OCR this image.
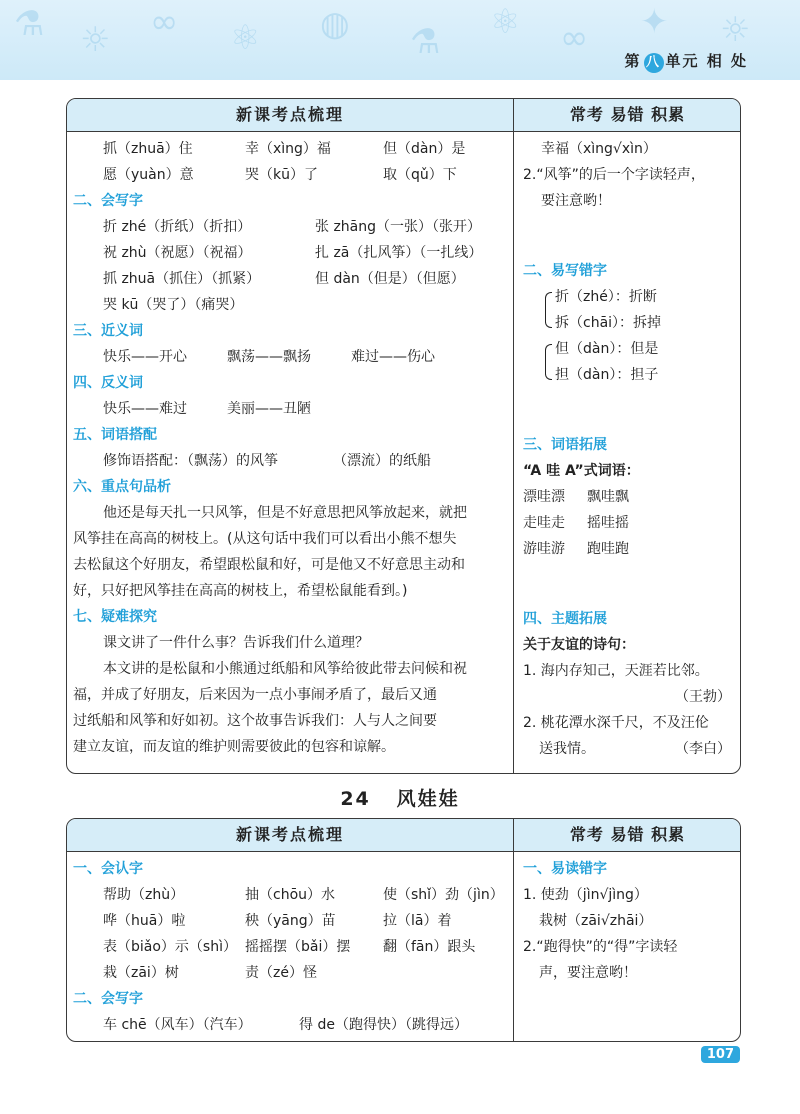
⚗ ☼ ∞ ⚛ ◍ ⚗ ⚛ ∞ ✦ ☼
第 八 单元 相 处
新课考点梳理	常考 易错 积累
抓（zhuā）住	幸（xìng）福	但（dàn）是
愿（yuàn）意	哭（kū）了	取（qǔ）下
二、会写字
折 zhé（折纸）（折扣）	张 zhāng（一张）（张开）
祝 zhù（祝愿）（祝福）	扎 zā（扎风筝）（一扎线）
抓 zhuā（抓住）（抓紧）	但 dàn（但是）（但愿）
哭 kū（哭了）（痛哭）
三、近义词
快乐——开心	飘荡——飘扬	难过——伤心
四、反义词
快乐——难过	美丽——丑陋
五、词语搭配
修饰语搭配：（飘荡）的风筝	（漂流）的纸船
六、重点句品析
他还是每天扎一只风筝，但是不好意思把风筝放起来，就把
风筝挂在高高的树枝上。(从这句话中我们可以看出小熊不想失
去松鼠这个好朋友，希望跟松鼠和好，可是他又不好意思主动和
好，只好把风筝挂在高高的树枝上，希望松鼠能看到。)
七、疑难探究
课文讲了一件什么事？告诉我们什么道理？
本文讲的是松鼠和小熊通过纸船和风筝给彼此带去问候和祝
福，并成了好朋友，后来因为一点小事闹矛盾了，最后又通
过纸船和风筝和好如初。这个故事告诉我们：人与人之间要
建立友谊，而友谊的维护则需要彼此的包容和谅解。
幸福（xìng√xìn）
2.“风筝”的后一个字读轻声，
要注意哟！
二、易写错字
折（zhé）：折断
拆（chāi）：拆掉
但（dàn）：但是
担（dàn）：担子
三、词语拓展
“A 哇 A”式词语：
漂哇漂 飘哇飘
走哇走 摇哇摇
游哇游 跑哇跑
四、主题拓展
关于友谊的诗句：
1. 海内存知己，天涯若比邻。
（王勃）
2. 桃花潭水深千尺，不及汪伦
送我情。	（李白）
24 风娃娃
新课考点梳理	常考 易错 积累
一、会认字
帮助（zhù）	抽（chōu）水	使（shǐ）劲（jìn）
哗（huā）啦	秧（yāng）苗	拉（lā）着
表（biǎo）示（shì） 摇摇摆（bǎi）摆 翻（fān）跟头
栽（zāi）树	责（zé）怪
二、会写字
车 chē（风车）（汽车）	得 de（跑得快）（跳得远）
一、易读错字
1. 使劲（jìn√jìng）
栽树（zāi√zhāi）
2.“跑得快”的“得”字读轻
声，要注意哟！
107
